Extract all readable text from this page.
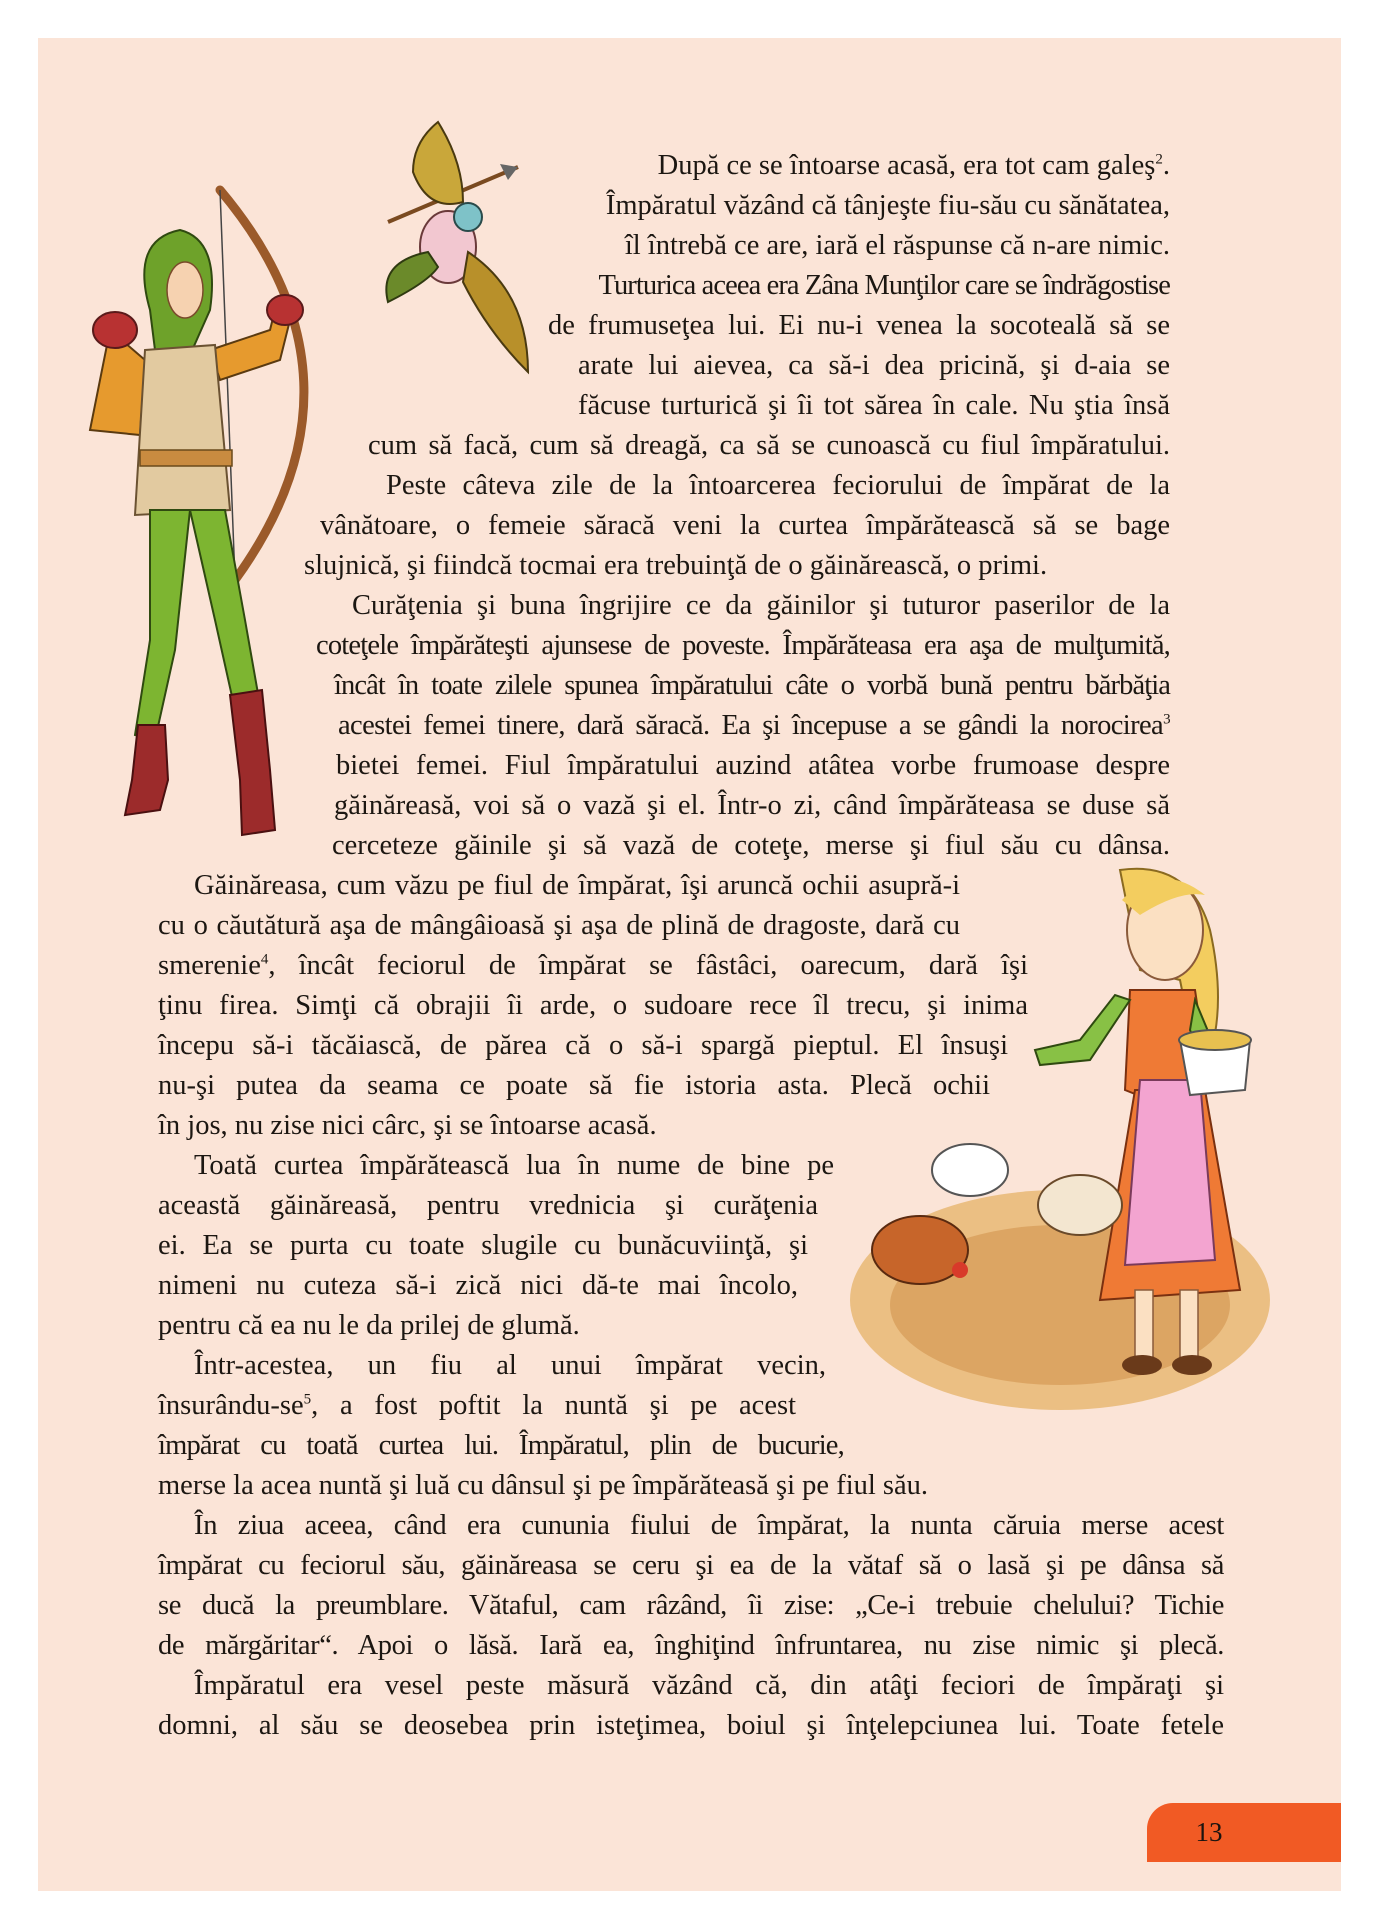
După ce se întoarse acasă, era tot cam galeş$^2$.
Împăratul văzând că tânjeşte fiu-său cu sănătatea,
îl întrebă ce are, iară el răspunse că n-are nimic.
Turturica aceea era Zâna Munţilor care se îndrăgostise
de frumuseţea lui. Ei nu-i venea la socoteală să se
arate lui aievea, ca să-i dea pricină, şi d-aia se
făcuse turturică şi îi tot sărea în cale. Nu ştia însă
cum să facă, cum să dreagă, ca să se cunoască cu fiul împăratului.
Peste câteva zile de la întoarcerea feciorului de împărat de la
vânătoare, o femeie săracă veni la curtea împărătească să se bage
slujnică, şi fiindcă tocmai era trebuinţă de o găinărească, o primi.
Curăţenia şi buna îngrijire ce da găinilor şi tuturor paserilor de la
coteţele împărăteşti ajunsese de poveste. Împărăteasa era aşa de mulţumită,
încât în toate zilele spunea împăratului câte o vorbă bună pentru bărbăţia
acestei femei tinere, dară săracă. Ea şi începuse a se gândi la norocirea$^3$
bietei femei. Fiul împăratului auzind atâtea vorbe frumoase despre
găinăreasă, voi să o vază şi el. Într-o zi, când împărăteasa se duse să
cerceteze găinile şi să vază de coteţe, merse şi fiul său cu dânsa.
Găinăreasa, cum văzu pe fiul de împărat, îşi aruncă ochii asupră-i
cu o căutătură aşa de mângâioasă şi aşa de plină de dragoste, dară cu
smerenie$^4$, încât feciorul de împărat se fâstâci, oarecum, dară îşi
ţinu firea. Simţi că obrajii îi arde, o sudoare rece îl trecu, şi inima
începu să-i tăcăiască, de părea că o să-i spargă pieptul. El însuşi
nu-şi putea da seama ce poate să fie istoria asta. Plecă ochii
în jos, nu zise nici cârc, şi se întoarse acasă.
Toată curtea împărătească lua în nume de bine pe
această găinăreasă, pentru vrednicia şi curăţenia
ei. Ea se purta cu toate slugile cu bunăcuviinţă, şi
nimeni nu cuteza să-i zică nici dă-te mai încolo,
pentru că ea nu le da prilej de glumă.
Într-acestea, un fiu al unui împărat vecin,
însurându-$se^5$, a fost poftit la nuntă şi pe acest
împărat cu toată curtea lui. Împăratul, plin de bucurie,
merse la acea nuntă şi luă cu dânsul şi pe împărăteasă şi pe fiul său.
În ziua aceea, când era cununia fiului de împărat, la nunta căruia merse acest
împărat cu feciorul său, găinăreasa se ceru şi ea de la vătaf să o lasă şi pe dânsa să
se ducă la preumblare. Vătaful, cam râzând, îi zise: „Ce-i trebuie chelului? Tichie
de mărgăritar“. Apoi o lăsă. Iară ea, înghiţind înfruntarea, nu zise nimic şi plecă.
Împăratul era vesel peste măsură văzând că, din atâţi feciori de împăraţi şi
domni, al său se deosebea prin isteţimea, boiul şi înţelepciunea lui. Toate fetele
13
